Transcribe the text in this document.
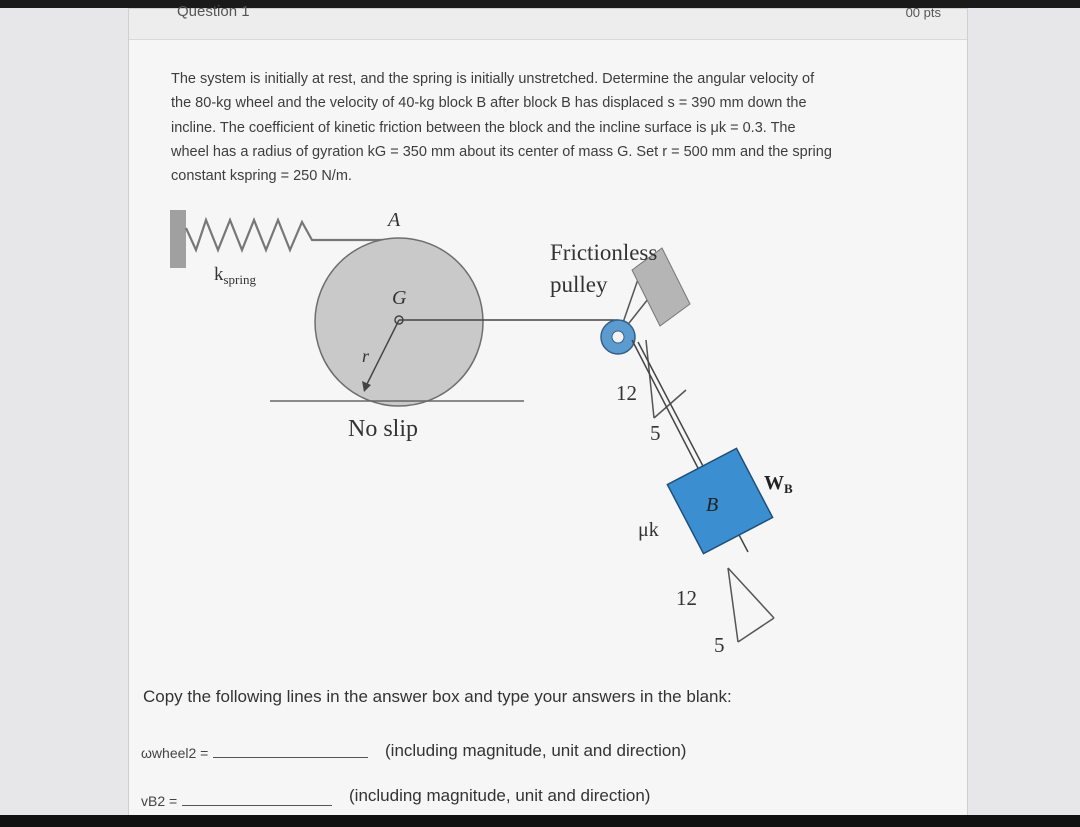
Question 1	00 pts

The system is initially at rest, and the spring is initially unstretched. Determine the angular velocity of

the 80-kg wheel and the velocity of 40-kg block B after block B has displaced s = 390 mm down the

incline. The coefficient of kinetic friction between the block and the incline surface is μk = 0.3. The

wheel has a radius of gyration kG = 350 mm about its center of mass G. Set r = 500 mm and the spring

constant kspring = 250 N/m.

Copy the following lines in the answer box and type your answers in the blank:
ωwheel2 =	(including magnitude, unit and direction)
vB2 =	(including magnitude, unit and direction)
A
$k_{spring}$
G
r
No slip
Frictionless
pulley
12
5
B
$W_B$
μk
12
5
